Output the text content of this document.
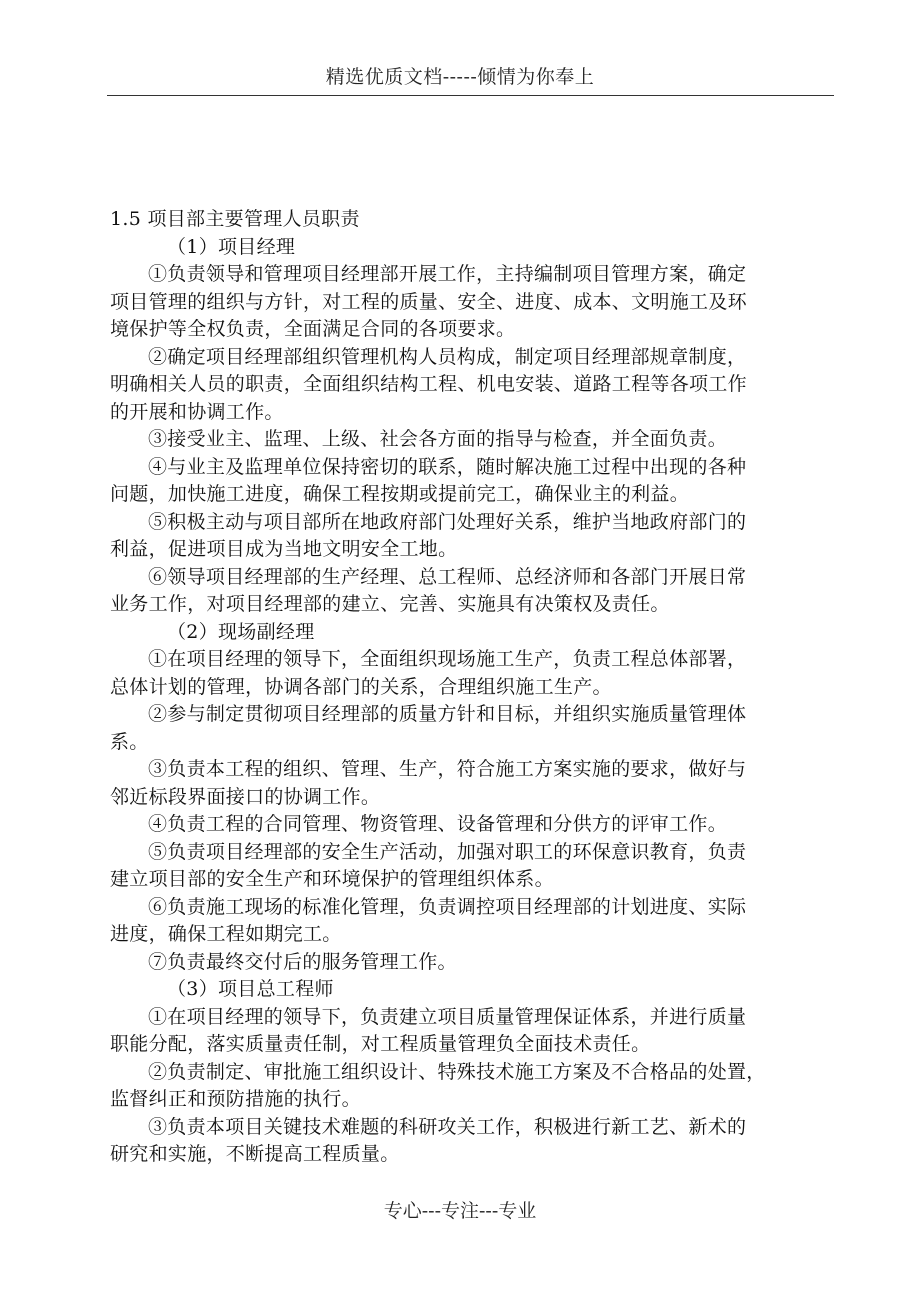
精选优质文档-----倾情为你奉上
1.5 项目部主要管理人员职责
（1）项目经理
①负责领导和管理项目经理部开展工作，主持编制项目管理方案，确定
项目管理的组织与方针，对工程的质量、安全、进度、成本、文明施工及环
境保护等全权负责，全面满足合同的各项要求。
②确定项目经理部组织管理机构人员构成，制定项目经理部规章制度，
明确相关人员的职责，全面组织结构工程、机电安装、道路工程等各项工作
的开展和协调工作。
③接受业主、监理、上级、社会各方面的指导与检查，并全面负责。
④与业主及监理单位保持密切的联系，随时解决施工过程中出现的各种
问题，加快施工进度，确保工程按期或提前完工，确保业主的利益。
⑤积极主动与项目部所在地政府部门处理好关系，维护当地政府部门的
利益，促进项目成为当地文明安全工地。
⑥领导项目经理部的生产经理、总工程师、总经济师和各部门开展日常
业务工作，对项目经理部的建立、完善、实施具有决策权及责任。
（2）现场副经理
①在项目经理的领导下，全面组织现场施工生产，负责工程总体部署，
总体计划的管理，协调各部门的关系，合理组织施工生产。
②参与制定贯彻项目经理部的质量方针和目标，并组织实施质量管理体
系。
③负责本工程的组织、管理、生产，符合施工方案实施的要求，做好与
邻近标段界面接口的协调工作。
④负责工程的合同管理、物资管理、设备管理和分供方的评审工作。
⑤负责项目经理部的安全生产活动，加强对职工的环保意识教育，负责
建立项目部的安全生产和环境保护的管理组织体系。
⑥负责施工现场的标准化管理，负责调控项目经理部的计划进度、实际
进度，确保工程如期完工。
⑦负责最终交付后的服务管理工作。
（3）项目总工程师
①在项目经理的领导下，负责建立项目质量管理保证体系，并进行质量
职能分配，落实质量责任制，对工程质量管理负全面技术责任。
②负责制定、审批施工组织设计、特殊技术施工方案及不合格品的处置，
监督纠正和预防措施的执行。
③负责本项目关键技术难题的科研攻关工作，积极进行新工艺、新术的
研究和实施，不断提高工程质量。
专心---专注---专业
